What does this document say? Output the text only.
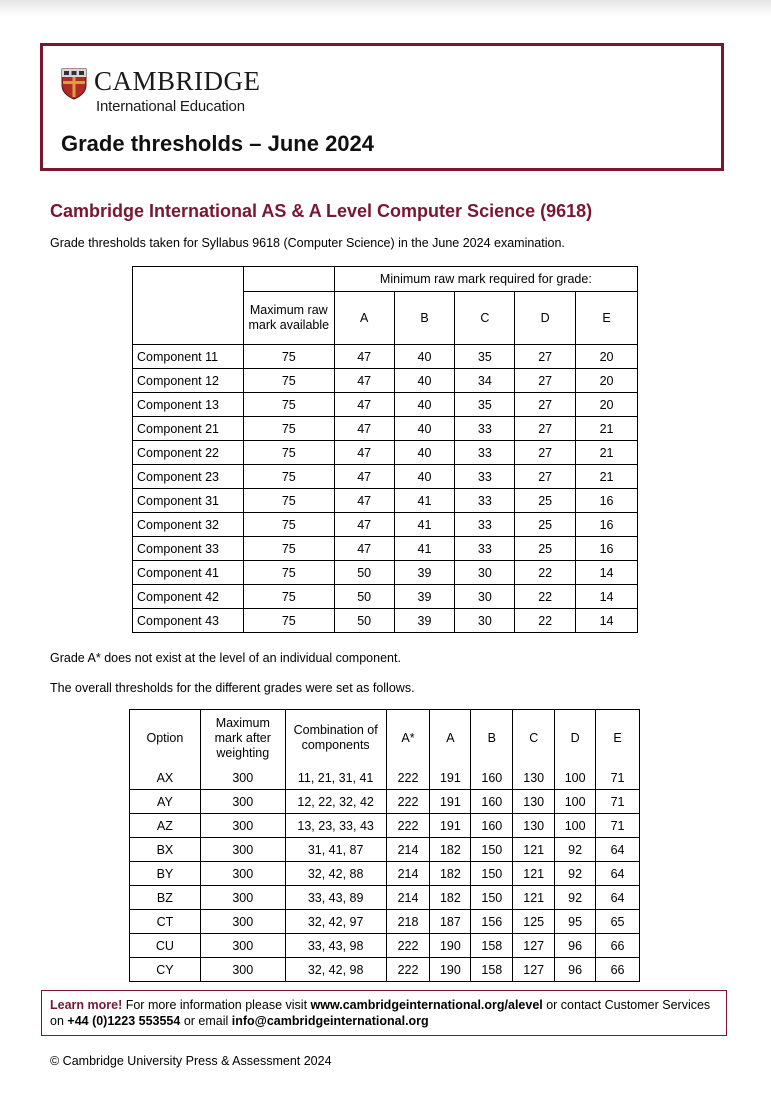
CAMBRIDGE
International Education
Grade thresholds – June 2024
Cambridge International AS & A Level Computer Science (9618)
Grade thresholds taken for Syllabus 9618 (Computer Science) in the June 2024 examination.
		Minimum raw mark required for grade:				
	Maximum raw mark available	A	B	C	D	E
Component 11	75	47	40	35	27	20
Component 12	75	47	40	34	27	20
Component 13	75	47	40	35	27	20
Component 21	75	47	40	33	27	21
Component 22	75	47	40	33	27	21
Component 23	75	47	40	33	27	21
Component 31	75	47	41	33	25	16
Component 32	75	47	41	33	25	16
Component 33	75	47	41	33	25	16
Component 41	75	50	39	30	22	14
Component 42	75	50	39	30	22	14
Component 43	75	50	39	30	22	14
Grade A* does not exist at the level of an individual component.
The overall thresholds for the different grades were set as follows.
Option	Maximum mark after weighting	Combination of components	A*	A	B	C	D	E
AX	300	11, 21, 31, 41	222	191	160	130	100	71
AY	300	12, 22, 32, 42	222	191	160	130	100	71
AZ	300	13, 23, 33, 43	222	191	160	130	100	71
BX	300	31, 41, 87	214	182	150	121	92	64
BY	300	32, 42, 88	214	182	150	121	92	64
BZ	300	33, 43, 89	214	182	150	121	92	64
CT	300	32, 42, 97	218	187	156	125	95	65
CU	300	33, 43, 98	222	190	158	127	96	66
CY	300	32, 42, 98	222	190	158	127	96	66
Learn more! For more information please visit www.cambridgeinternational.org/alevel or contact Customer Services on +44 (0)1223 553554 or email info@cambridgeinternational.org
© Cambridge University Press & Assessment 2024
